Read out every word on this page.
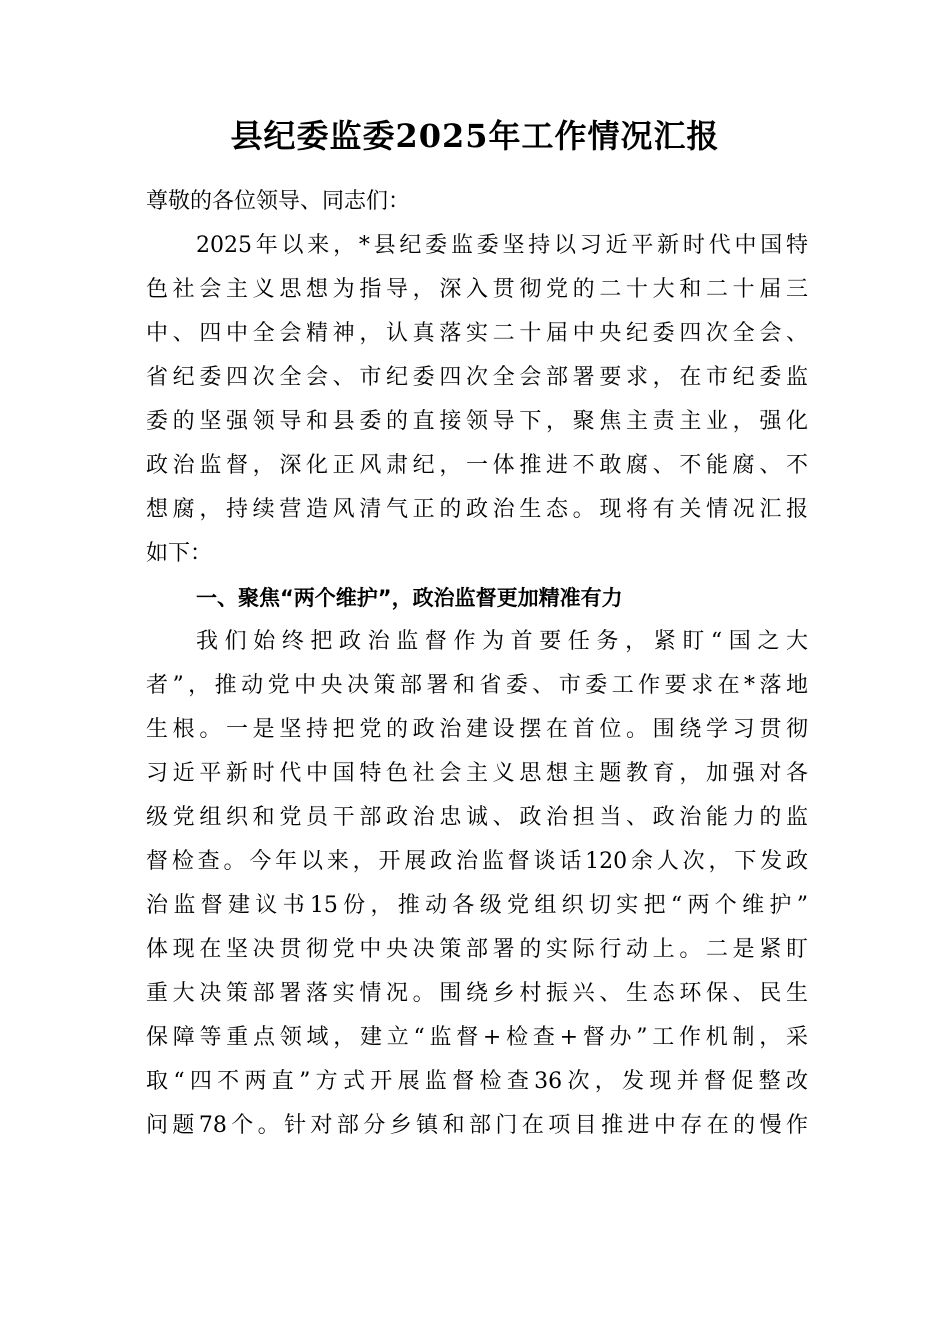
县纪委监委2025年工作情况汇报
尊敬的各位领导、同志们：
2025年以来，*县纪委监委坚持以习近平新时代中国特
色社会主义思想为指导，深入贯彻党的二十大和二十届三
中、四中全会精神，认真落实二十届中央纪委四次全会、
省纪委四次全会、市纪委四次全会部署要求，在市纪委监
委的坚强领导和县委的直接领导下，聚焦主责主业，强化
政治监督，深化正风肃纪，一体推进不敢腐、不能腐、不
想腐，持续营造风清气正的政治生态。现将有关情况汇报
如下：
一、聚焦“两个维护”，政治监督更加精准有力
我们始终把政治监督作为首要任务，紧盯“国之大
者”，推动党中央决策部署和省委、市委工作要求在*落地
生根。一是坚持把党的政治建设摆在首位。围绕学习贯彻
习近平新时代中国特色社会主义思想主题教育，加强对各
级党组织和党员干部政治忠诚、政治担当、政治能力的监
督检查。今年以来，开展政治监督谈话120余人次，下发政
治监督建议书15份，推动各级党组织切实把“两个维护”
体现在坚决贯彻党中央决策部署的实际行动上。二是紧盯
重大决策部署落实情况。围绕乡村振兴、生态环保、民生
保障等重点领域，建立“监督+检查+督办”工作机制，采
取“四不两直”方式开展监督检查36次，发现并督促整改
问题78个。针对部分乡镇和部门在项目推进中存在的慢作
